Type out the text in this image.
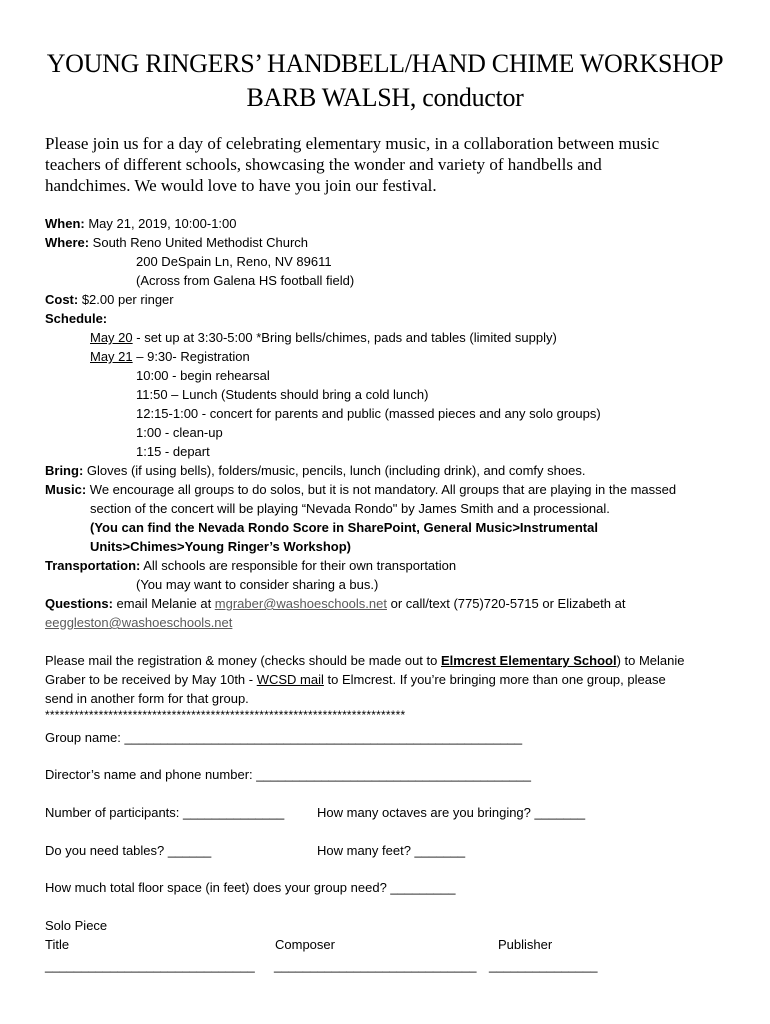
YOUNG RINGERS’ HANDBELL/HAND CHIME WORKSHOP
BARB WALSH, conductor
Please join us for a day of celebrating elementary music, in a collaboration between music
teachers of different schools, showcasing the wonder and variety of handbells and
handchimes. We would love to have you join our festival.
When: May 21, 2019, 10:00-1:00
Where: South Reno United Methodist Church
200 DeSpain Ln, Reno, NV 89611
(Across from Galena HS football field)
Cost: $2.00 per ringer
Schedule:
May 20 - set up at 3:30-5:00 *Bring bells/chimes, pads and tables (limited supply)
May 21 – 9:30- Registration
10:00 - begin rehearsal
11:50 – Lunch (Students should bring a cold lunch)
12:15-1:00 - concert for parents and public (massed pieces and any solo groups)
1:00 - clean-up
1:15 - depart
Bring: Gloves (if using bells), folders/music, pencils, lunch (including drink), and comfy shoes.
Music: We encourage all groups to do solos, but it is not mandatory. All groups that are playing in the massed
section of the concert will be playing “Nevada Rondo" by James Smith and a processional.
(You can find the Nevada Rondo Score in SharePoint, General Music>Instrumental
Units>Chimes>Young Ringer’s Workshop)
Transportation: All schools are responsible for their own transportation
(You may want to consider sharing a bus.)
Questions: email Melanie at mgraber@washoeschools.net or call/text (775)720-5715 or Elizabeth at
eeggleston@washoeschools.net
Please mail the registration & money (checks should be made out to Elmcrest Elementary School) to Melanie
Graber to be received by May 10th - WCSD mail to Elmcrest. If you’re bringing more than one group, please
send in another form for that group.
**************************************************************************
Group name: _______________________________________________________
Director’s name and phone number: ______________________________________
Number of participants: ______________	How many octaves are you bringing? _______
Do you need tables? ______	How many feet? _______
How much total floor space (in feet) does your group need? _________
Solo Piece
Title	Composer	Publisher
_____________________________ ____________________________ _______________
